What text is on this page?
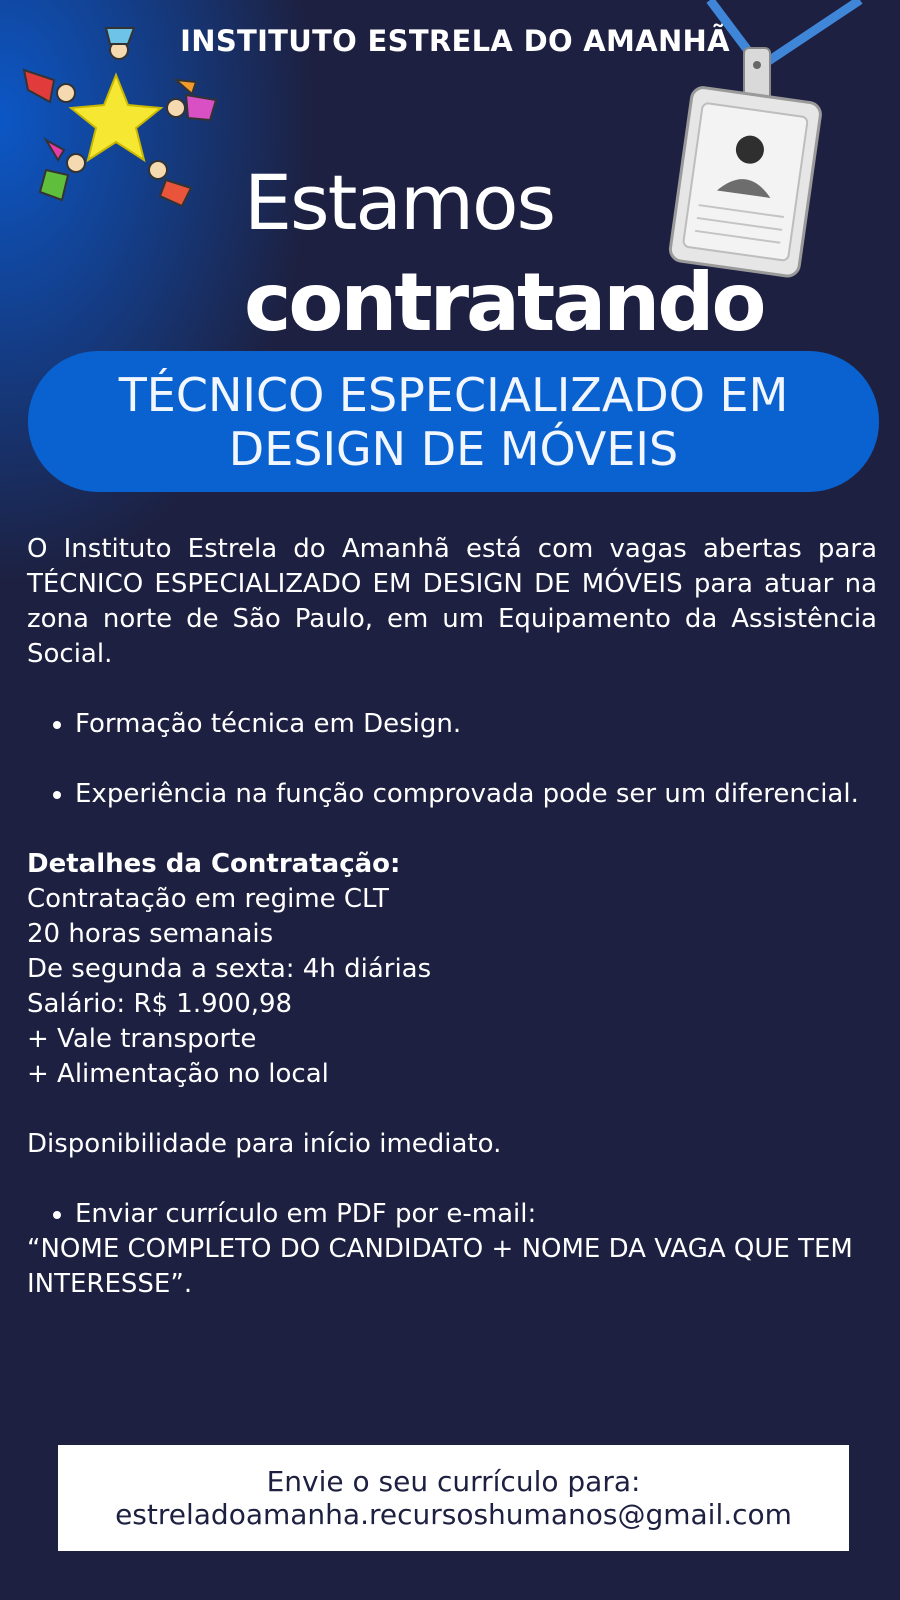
INSTITUTO ESTRELA DO AMANHÃ
Estamos
contratando
TÉCNICO ESPECIALIZADO EM
DESIGN DE MÓVEIS
O Instituto Estrela do Amanhã está com vagas abertas para TÉCNICO ESPECIALIZADO EM DESIGN DE MÓVEIS para atuar na zona norte de São Paulo, em um Equipamento da Assistência Social.
• Formação técnica em Design.
• Experiência na função comprovada pode ser um diferencial.
Detalhes da Contratação:
Contratação em regime CLT
20 horas semanais
De segunda a sexta: 4h diárias
Salário: R$ 1.900,98
+ Vale transporte
+ Alimentação no local
Disponibilidade para início imediato.
• Enviar currículo em PDF por e-mail:
“NOME COMPLETO DO CANDIDATO + NOME DA VAGA QUE TEM INTERESSE”.
Envie o seu currículo para:
estreladoamanha.recursoshumanos@gmail.com
